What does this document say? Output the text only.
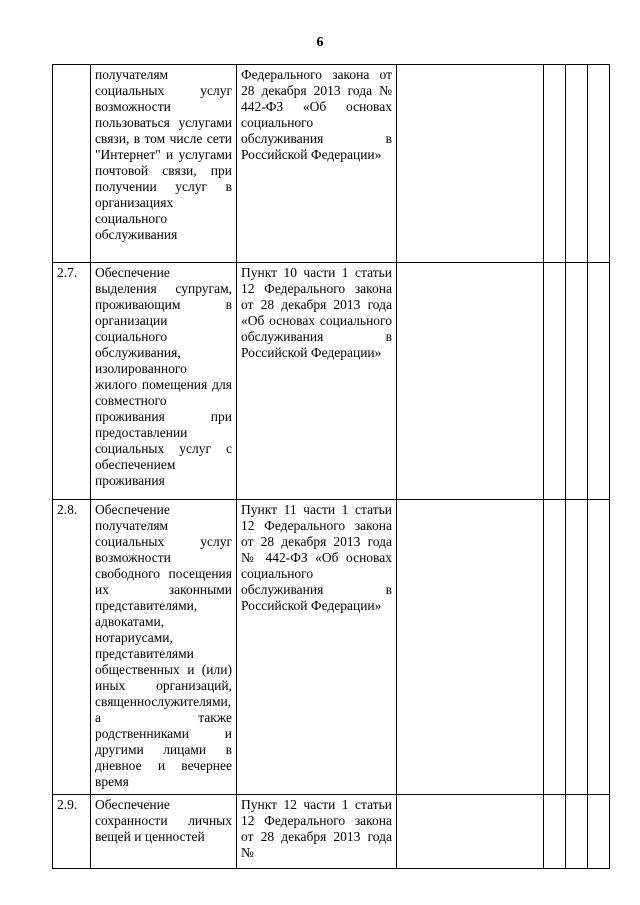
6
	получателям социальных услуг возможности пользоваться услугами связи, в том числе сети "Интернет" и услугами почтовой связи, при получении услуг в организациях социального обслуживания	Федерального закона от 28 декабря 2013 года № 442-ФЗ «Об основах социального обслуживания в Российской Федерации»				
2.7.	Обеспечение выделения супругам, проживающим в организации социального обслуживания, изолированного жилого помещения для совместного проживания при предоставлении социальных услуг с обеспечением проживания	Пункт 10 части 1 статьи 12 Федерального закона от 28 декабря 2013 года «Об основах социального обслуживания в Российской Федерации»				
2.8.	Обеспечение получателям социальных услуг возможности свободного посещения их законными представителями, адвокатами, нотариусами, представителями общественных и (или) иных организаций, священнослужителями, а также родственниками и другими лицами в дневное и вечернее время	Пункт 11 части 1 статьи 12 Федерального закона от 28 декабря 2013 года № 442-ФЗ «Об основах социального обслуживания в Российской Федерации»				
2.9.	Обеспечение сохранности личных вещей и ценностей	Пункт 12 части 1 статьи 12 Федерального закона от 28 декабря 2013 года №				
